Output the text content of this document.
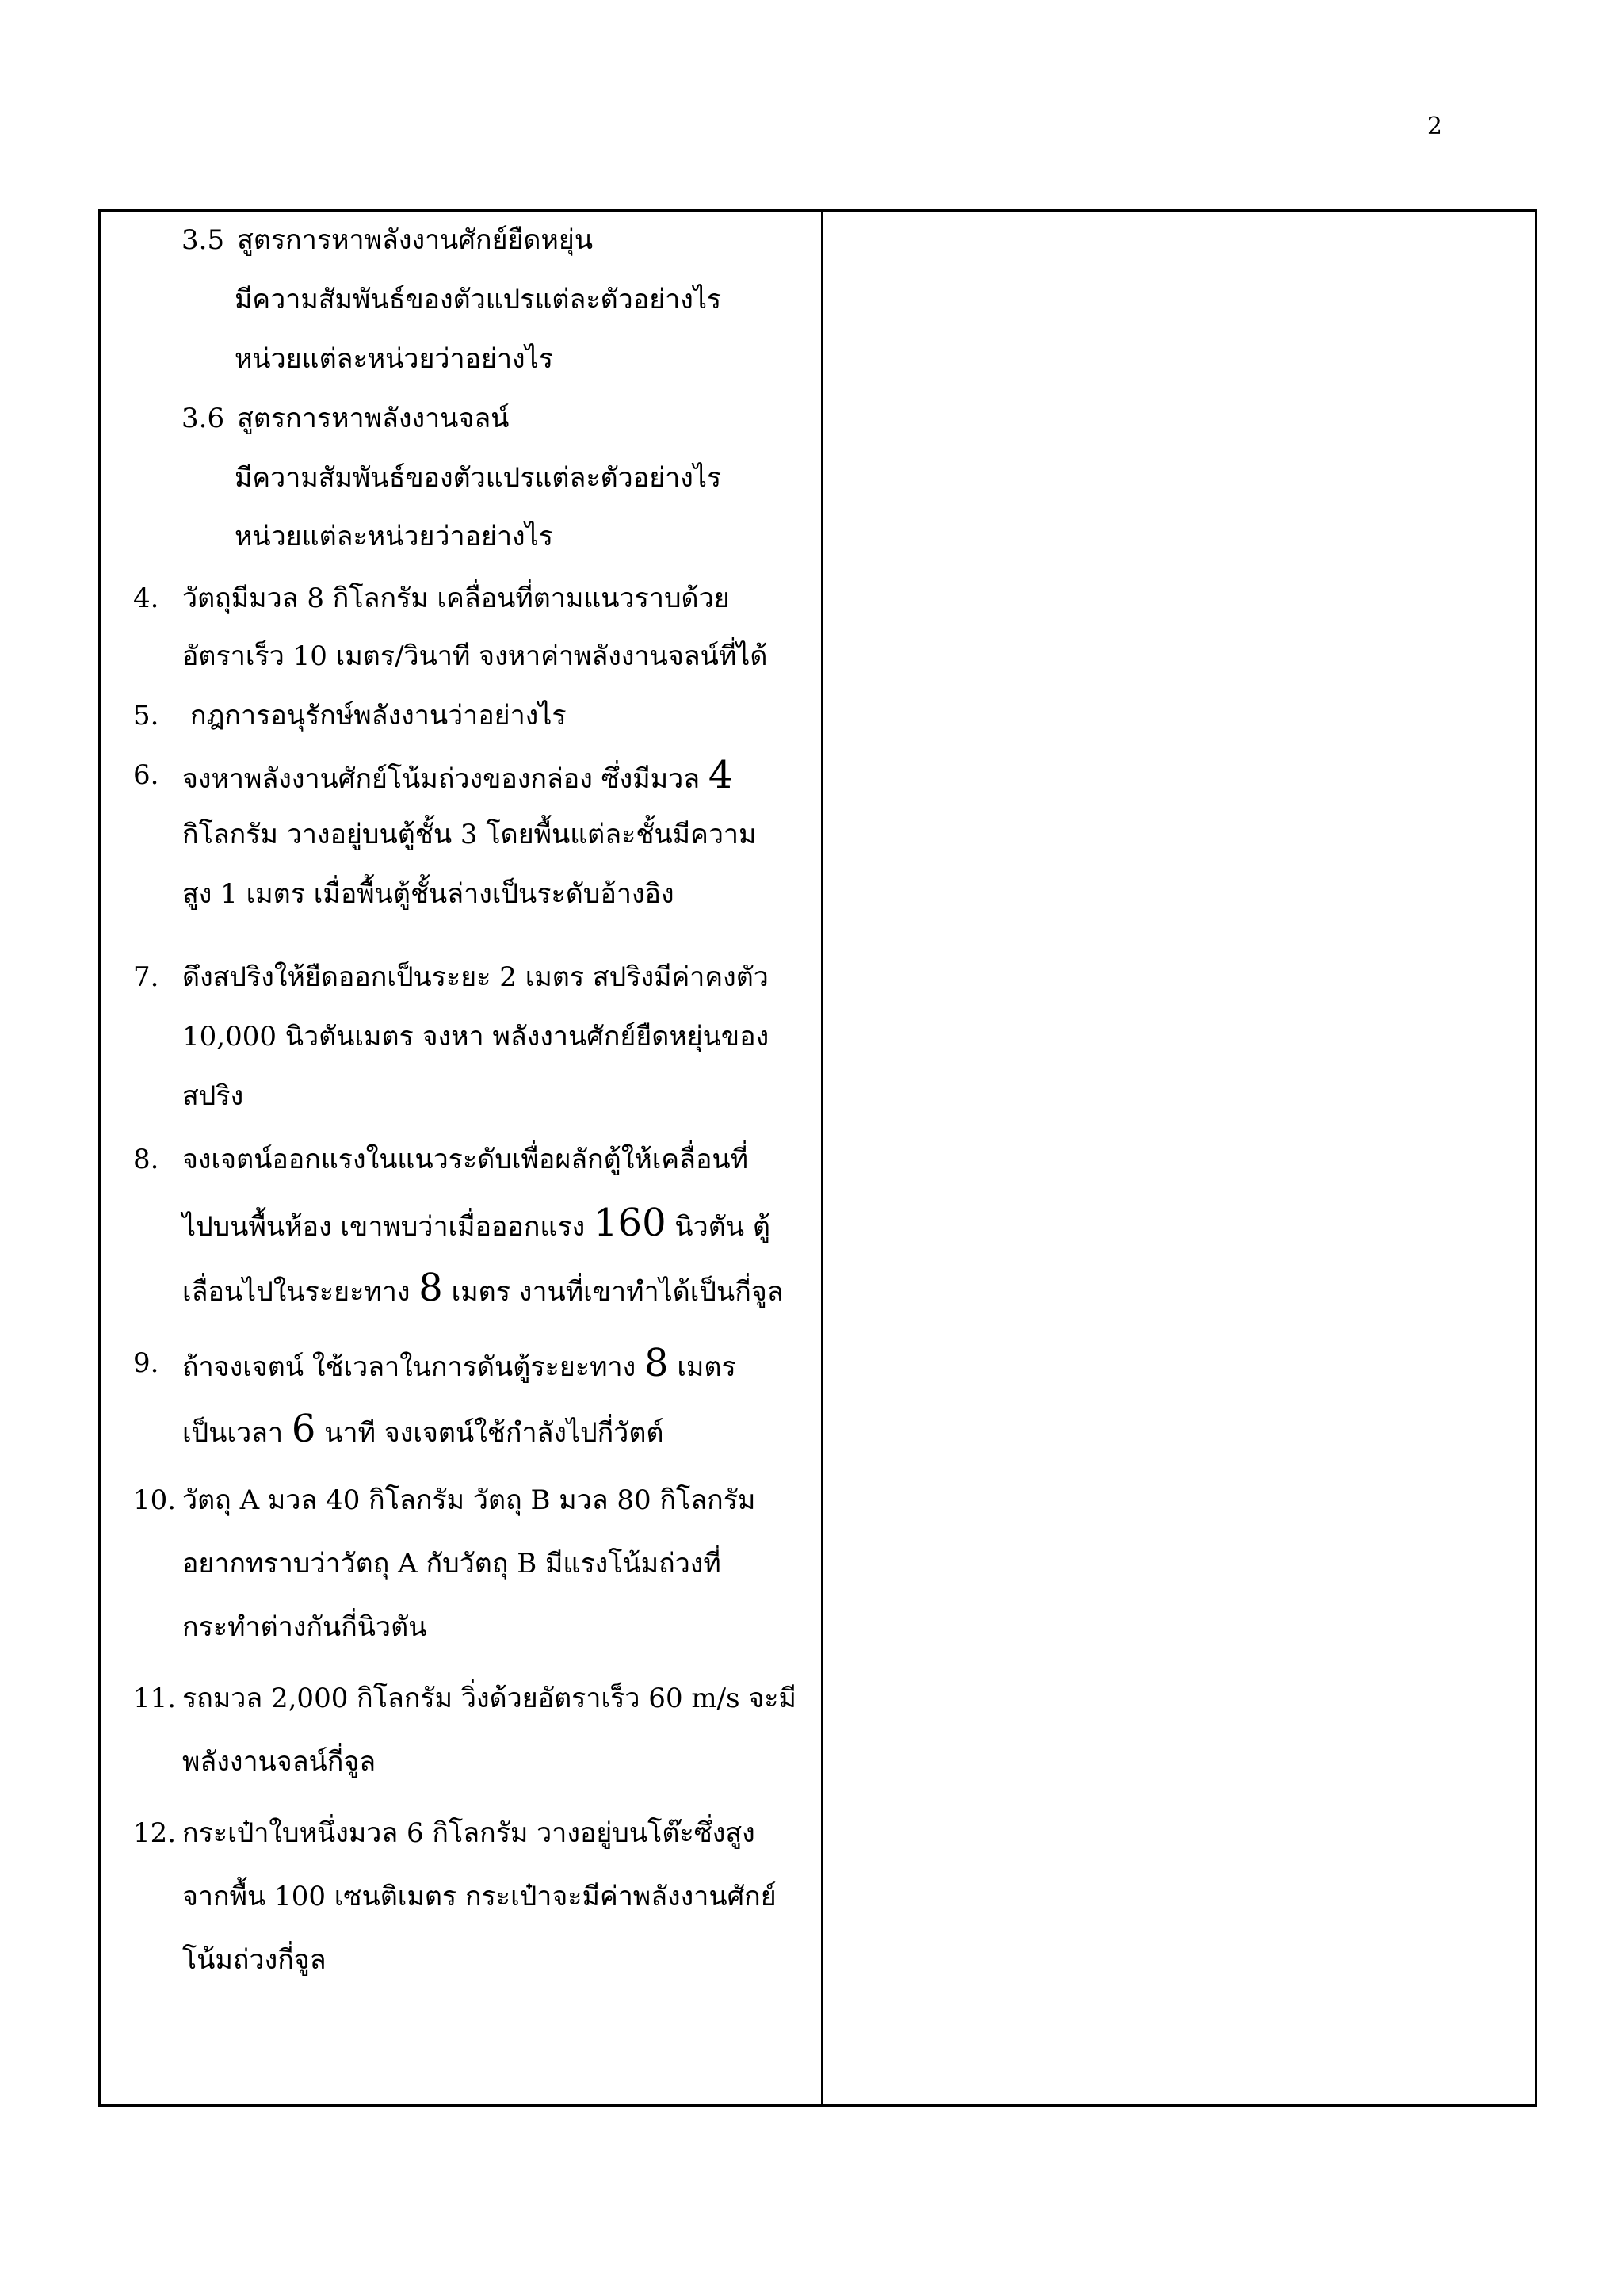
2
3.5 สูตรการหาพลังงานศักย์ยืดหยุ่น
มีความสัมพันธ์ของตัวแปรแต่ละตัวอย่างไร
หน่วยแต่ละหน่วยว่าอย่างไร
3.6 สูตรการหาพลังงานจลน์
มีความสัมพันธ์ของตัวแปรแต่ละตัวอย่างไร
หน่วยแต่ละหน่วยว่าอย่างไร
4. วัตถุมีมวล 8 กิโลกรัม เคลื่อนที่ตามแนวราบด้วย
อัตราเร็ว 10 เมตร/วินาที จงหาค่าพลังงานจลน์ที่ได้
5. กฎการอนุรักษ์พลังงานว่าอย่างไร
6. จงหาพลังงานศักย์โน้มถ่วงของกล่อง ซึ่งมีมวล 4
กิโลกรัม วางอยู่บนตู้ชั้น 3 โดยพื้นแต่ละชั้นมีความ
สูง 1 เมตร เมื่อพื้นตู้ชั้นล่างเป็นระดับอ้างอิง
7. ดึงสปริงให้ยืดออกเป็นระยะ 2 เมตร สปริงมีค่าคงตัว
10,000 นิวตันเมตร จงหา พลังงานศักย์ยืดหยุ่นของ
สปริง
8. จงเจตน์ออกแรงในแนวระดับเพื่อผลักตู้ให้เคลื่อนที่
ไปบนพื้นห้อง เขาพบว่าเมื่อออกแรง 160 นิวตัน ตู้
เลื่อนไปในระยะทาง 8 เมตร งานที่เขาทำได้เป็นกี่จูล
9. ถ้าจงเจตน์ ใช้เวลาในการดันตู้ระยะทาง 8 เมตร
เป็นเวลา 6 นาที จงเจตน์ใช้กำลังไปกี่วัตต์
10. วัตถุ A มวล 40 กิโลกรัม วัตถุ B มวล 80 กิโลกรัม
อยากทราบว่าวัตถุ A กับวัตถุ B มีแรงโน้มถ่วงที่
กระทำต่างกันกี่นิวตัน
11. รถมวล 2,000 กิโลกรัม วิ่งด้วยอัตราเร็ว 60 m/s จะมี
พลังงานจลน์กี่จูล
12. กระเป๋าใบหนึ่งมวล 6 กิโลกรัม วางอยู่บนโต๊ะซึ่งสูง
จากพื้น 100 เซนติเมตร กระเป๋าจะมีค่าพลังงานศักย์
โน้มถ่วงกี่จูล
